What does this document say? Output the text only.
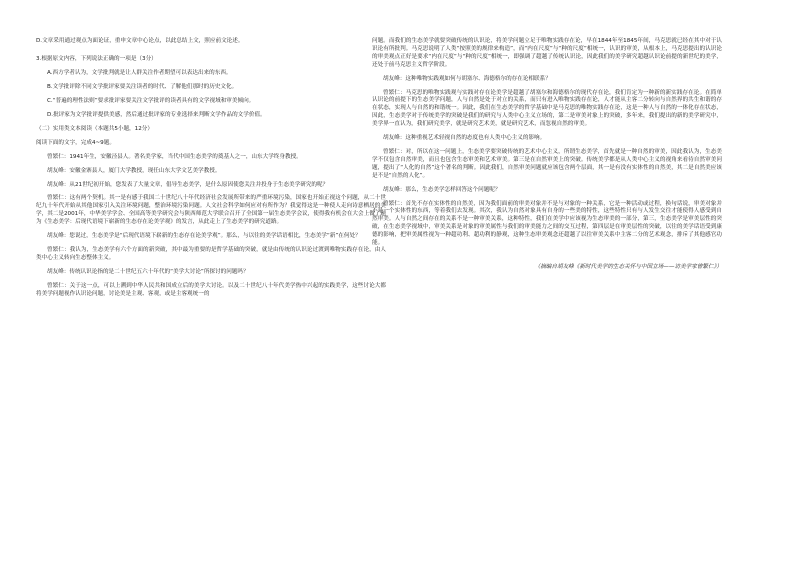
D.文章采用通过观点为面论证，重申文章中心论点，以此总结上文，照应前文论述。

3.根据原文内容，下列说法正确的一项是（3分）

A.西方学者认为，文学批判就是让人群关注作者期望可以表达出来的东西。

B.文学批评除不同文学批评家要关注读者的时代、了解他们那时的历史文化。

C.“普遍的理性法则”要求批评家要关注文学批评的读者具有的文学视域和审美倾向。

D.批评家为文学批评提供美感，然后通过批评家的专业选择来判断文学作品的文学价值。

（二）实用类文本阅读（本题共5小题，12分）

阅读下面的文字，完成4~9题。

曾繁仁：1941年生，安徽泾县人。著名美学家，当代中国生态美学的奠基人之一，山东大学终身教授。

胡友峰：安徽金寨县人，厦门大学教授，现任山东大学文艺美学教授。

胡友峰：从21世纪初开始，您发表了大量文章，倡导生态美学，是什么原因使您关注并投身于生态美学研究的呢？

曾繁仁：这有两个契机。其一是有感于我国二十世纪八十年代经济社会发展所带来的严重环境污染，国家也开始正视这个问题，从二十世纪九十年代开始从其他国家引入关注环境问题，整治环境污染问题。人文社会科学如何应对有所作为？我觉得这是一种使人走向诗意栖居的美学，其二是2001年，中华美学学会、全国高等美学研究会与陕西师范大学联合召开了全国第一届生态美学会议，使得我有机会在大会上做了题为《生态美学：后现代语境下崭新的生态存在论美学观》的发言，从此走上了生态美学的研究道路。

胡友峰：您说过，生态美学是“后现代语境下崭新的生态存在论美学观”。那么，与以往的美学话语相比，生态美学“新”在何处？

曾繁仁：我认为，生态美学有六个方面的新突破，其中最为重要的是哲学基础的突破，就是由传统的认识论过渡到唯物实践存在论，由人类中心主义转向生态整体主义。

胡友峰：传统认识论指的是二十世纪五六十年代的“美学大讨论”所探讨的问题吗？

曾繁仁：关于这一点，可以上溯到中华人民共和国成立后的美学大讨论。以及二十世纪八十年代美学热中兴起的实践美学，这些讨论大都将美学问题视作认识论问题，讨论美是主观、客观，或是主客观统一的

问题。而我们的生态美学就要突破传统的认识论，将美学问题立足于唯物实践存在论，早在1844年至1845年间，马克思就已经在其中对于认识论有所批判。马克思说明了人类“按照美的规律来构造”，而“内在尺度”与“种的尺度”相统一，认识的审美，从根本上，马克思提出的认识论的审美观点正好是要求“内在尺度”与“种的尺度”相统一，即强调了超越了传统认识论，因此我们的美学研究超越认识论前提的新世纪的美学，还处于前马克思主义哲学阶段。

胡友峰：这种唯物实践观如何与胡塞尔、海德格尔的存在论相联系？

曾繁仁：马克思的唯物实践观与实践对存在论美学是超越了胡塞尔和海德格尔的现代存在论，我们肯定为一种新的新实践存在论。在简单认识论的前提下的生态美学问题，人与自然是处于对立的关系，而只有进入唯物实践存在论，人才能从主客二分转向与自然界的共生和谐的存在状态，实现人与自然的和谐统一。因此，我们在生态美学的哲学基础中是马克思的唯物实践存在论，这是一种人与自然的一体化存在状态，因此，生态美学对于传统美学的突破是我们的研究与人类中心主义立场的，第二是审美对象上的突破，多年来，我们提出的新的美学研究中，美学界一直认为，我们研究美学，就是研究艺术美，就是研究艺术，而忽视自然的审美。

胡友峰：这种重视艺术轻视自然的态度也有人类中心主义的影响。

曾繁仁：对，所以在这一问题上，生态美学要突破传统的艺术中心主义，所谓生态美学，首先就是一种自然的审美，因此我认为，生态美学不仅包含自然审美，而且也包含生态审美和艺术审美。第三是在自然审美上的突破。传统美学都是从人类中心主义的视角来看待自然审美问题，提出了“人化的自然”这个著名的判断。因此我们，自然审美问题就应该包含两个层面，其一是有没有实体性的自然美，其二是自然美应该是不是“自然的人化”。

胡友峰：那么，生态美学怎样回答这个问题呢？

曾繁仁：首先不存在实体性的自然美，因为我们面前的审美对象并不是与对象的一种关系，它是一种活动或过程，换句话说，审美对象并不是一个实体性的东西，等着我们去发现。其次，我认为自然对象具有自身的一些美的特性，这些特性只有与人发生交往才能使得人感受到自然审美。人与自然之间存在的关系不是一种审美关系，这种特性，我们在美学中应该视为生态审美的一部分，第三，生态美学是审美层性的突破，在生态美学视域中，审美关系是对象的审美属性与我们的审美能力之间的交互过程，第四层是在审美层性的突破，以往的美学话语受到康德的影响，把审美属性视为一种超功利、超功利的静观，这种生态审美观念还超越了以往审美关系中主客二分的艺术观念，排斥了其他感官功能。

（摘编自胡友峰《新时代美学的生态关怀与中国立场——访美学家曾繁仁》）
